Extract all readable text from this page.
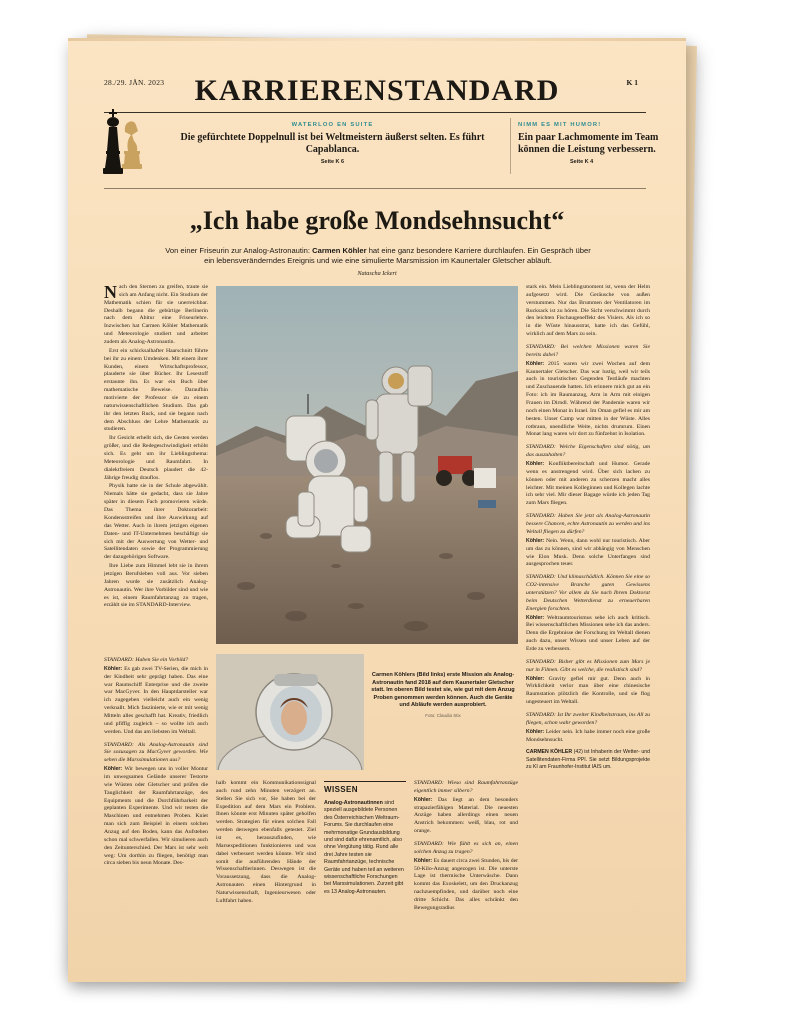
28./29. JÄN. 2023	KARRIERENSTANDARD	K 1
WATERLOO EN SUITE
Die gefürchtete Doppelnull ist bei Weltmeistern äußerst selten. Es führt Capablanca.
Seite K 6
NIMM ES MIT HUMOR!
Ein paar Lachmomente im Team können die Leistung verbessern.
Seite K 4
„Ich habe große Mondsehnsucht“
Von einer Friseurin zur Analog-Astronautin: Carmen Köhler hat eine ganz besondere Karriere durchlaufen. Ein Gespräch über ein lebensveränderndes Ereignis und wie eine simulierte Marsmission im Kaunertaler Gletscher abläuft.
Natascha Ickert

Nach den Sternen zu greifen, traute sie sich am Anfang nicht. Ein Studium der Mathematik schien für sie unerreichbar. Deshalb begann die gebürtige Berlinerin nach dem Abitur eine Friseurlehre. Inzwischen hat Carmen Köhler Mathematik und Meteorologie studiert und arbeitet zudem als Analog-Astronautin.

Erst ein schicksalhafter Haarschnitt führte bei ihr zu einem Umdenken. Mit einem ihrer Kunden, einem Wirtschaftsprofessor, plauderte sie über Bücher. Ihr Lesestoff erstaunte ihn. Es war ein Buch über mathematische Beweise. Daraufhin motivierte der Professor sie zu einem naturwissenschaftlichen Studium. Das gab ihr den letzten Ruck, und sie begann nach dem Abschluss der Lehre Mathematik zu studieren.

Ihr Gesicht erhellt sich, die Gesten werden größer, und die Redegeschwindigkeit erhöht sich. Es geht um ihr Lieblingsthema: Meteorologie und Raumfahrt. In dialektfreiem Deutsch plaudert die 42-Jährige freudig drauflos.

Physik hatte sie in der Schule abgewählt. Niemals hätte sie gedacht, dass sie Jahre später in diesem Fach promovieren würde. Das Thema ihrer Doktorarbeit: Kondensstreifen und ihre Auswirkung auf das Wetter. Auch in ihrem jetzigen eigenen Daten- und IT-Unternehmen beschäftigt sie sich mit der Auswertung von Wetter- und Satellitendaten sowie der Programmierung der dazugehörigen Software.

Ihre Liebe zum Himmel lebt sie in ihrem jetzigen Berufsleben voll aus. Vor sieben Jahren wurde sie zusätzlich Analog-Astronautin. Wer ihre Vorbilder sind und wie es ist, einem Raumfahrtanzug zu tragen, erzählt sie im STANDARD-Interview.

STANDARD: Haben Sie ein Vorbild?

Köhler: Es gab zwei TV-Serien, die mich in der Kindheit sehr geprägt haben. Das eine war Raumschiff Enterprise und die zweite war MacGyver. In den Hauptdarsteller war ich zugegeben vielleicht auch ein wenig verknallt. Mich faszinierte, wie er mit wenig Mitteln alles geschafft hat. Kreativ, friedlich und pfiffig zugleich – so wollte ich auch werden. Und das am liebsten im Weltall.

STANDARD: Als Analog-Astronautin sind Sie sozusagen zu MacGyver geworden. Wie sehen die Marssimulationen aus?

Köhler: Wir bewegen uns in voller Montur im unwegsamen Gelände unserer Testorte wie Wüsten oder Gletscher und prüfen die Tauglichkeit der Raumfahrtanzüge, des Equipments und die Durchführbarkeit der geplanten Experimente. Und wir testen die Maschinen und entnehmen Proben. Kniet man sich zum Beispiel in einem solchen Anzug auf den Boden, kann das Aufstehen schon mal schwerfallen. Wir simulieren auch den Zeitunterschied. Der Mars ist sehr weit weg: Um dorthin zu fliegen, benötigt man circa sieben bis neun Monate. Des-

Carmen Köhlers (Bild links) erste Mission als Analog-Astronautin fand 2018 auf dem Kaunertaler Gletscher statt. Im oberen Bild testet sie, wie gut mit dem Anzug Proben genommen werden können. Auch die Geräte und Abläufe werden ausprobiert.
Foto: Claudia Stix

halb kommt ein Kommunikationssignal auch rund zehn Minuten verzögert an. Stellen Sie sich vor, Sie haben bei der Expedition auf dem Mars ein Problem. Ihnen könnte erst Minuten später geholfen werden. Strategien für einen solchen Fall werden deswegen ebenfalls getestet. Ziel ist es, herauszufinden, wie Marsexpeditionen funktionieren und was dabei verbessert werden könnte. Wir sind somit die ausführenden Hände der Wissenschaftlerinnen. Deswegen ist die Voraussetzung, dass die Analog-Astronauten einen Hintergrund in Naturwissenschaft, Ingenieurwesen oder Luftfahrt haben.

WISSEN
Analog-Astronautinnen sind speziell ausgebildete Personen des Österreichischen Weltraum-Forums. Sie durchlaufen eine mehrmonatige Grundausbildung und sind dafür ehrenamtlich, also ohne Vergütung tätig. Rund alle drei Jahre testen sie Raumfahrtanzüge, technische Geräte und haben teil an weiteren wissenschaftliche Forschungen bei Marssimulationen. Zurzeit gibt es 13 Analog-Astronauten.

STANDARD: Wieso sind Raumfahrtanzüge eigentlich immer silbern?

Köhler: Das liegt an dem besonders strapazierfähigen Material. Die neuesten Anzüge haben allerdings einen neuen Anstrich bekommen: weiß, blau, rot und orange.

STANDARD: Wie fühlt es sich an, einen solchen Anzug zu tragen?

Köhler: Es dauert circa zwei Stunden, bis der 50-Kilo-Anzug angezogen ist. Die unterste Lage ist thermische Unterwäsche. Dann kommt das Exoskelett, um den Druckanzug nachzuempfinden, und darüber noch eine dritte Schicht. Das alles schränkt den Bewegungsradius

stark ein. Mein Lieblingsmoment ist, wenn der Helm aufgesetzt wird. Die Geräusche von außen verstummen. Nur das Brummen der Ventilatoren im Rucksack ist zu hören. Die Sicht verschwimmt durch den leichten Fischaugeneffekt des Visiers. Als ich so in die Wüste hinausstrat, hatte ich das Gefühl, wirklich auf dem Mars zu sein.

STANDARD: Bei welchen Missionen waren Sie bereits dabei?

Köhler: 2015 waren wir zwei Wochen auf dem Kaunertaler Gletscher. Das war lustig, weil wir teils auch in touristischen Gegenden Testläufe machten und Zuschauende hatten. Ich erinnere mich gut an ein Foto: ich im Raumanzug, Arm in Arm mit einigen Frauen im Dirndl. Während der Pandemie waren wir noch einen Monat in Israel. Im Oman gefiel es mir am besten. Unser Camp war mitten in der Wüste. Alles rotbraun, unendliche Weite, nichts drumrum. Einen Monat lang waren wir dort zu fünfzehnt in Isolation.

STANDARD: Welche Eigenschaften sind nötig, um das auszuhalten?

Köhler: Konfliktbereitschaft und Humor. Gerade wenn es anstrengend wird. Über sich lachen zu können oder mit anderen zu scherzen macht alles leichter. Mit meinen Kolleginnen und Kollegen lachte ich sehr viel. Mir dieser Bagage würde ich jeden Tag zum Mars fliegen.

STANDARD: Haben Sie jetzt als Analog-Astronautin bessere Chancen, echte Astronautin zu werden und ins Weltall fliegen zu dürfen?

Köhler: Nein. Wenn, dann wohl nur touristisch. Aber um das zu können, sind wir abhängig von Menschen wie Elon Musk. Denn solche Unterfangen sind ausgesprochen teuer.

STANDARD: Und klimaschädlich. Können Sie eine so CO2-intensive Branche guten Gewissens unterstützen? Vor allem da Sie nach Ihrem Doktorat beim Deutschen Wetterdienst zu erneuerbaren Energien forschten.

Köhler: Weltraumtourismus sehe ich auch kritisch. Bei wissenschaftlichen Missionen sehe ich das anders. Denn die Ergebnisse der Forschung im Weltall dienen auch dazu, unser Wissen und unser Leben auf der Erde zu verbessern.

STANDARD: Bisher gibt es Missionen zum Mars je nur in Filmen. Gibt es welche, die realistisch sind?

Köhler: Gravity gefiel mir gut. Denn auch in Wirklichkeit verlor man über eine chinesische Raumstation plötzlich die Kontrolle, und sie flog ungesteuert im Weltall.

STANDARD: Ist Ihr zweiter Kindheitstraum, ins All zu fliegen, schon wahr geworden?

Köhler: Leider nein. Ich habe immer noch eine große Mondsehnsucht.

CARMEN KÖHLER (42) ist Inhaberin der Wetter- und Satellitendaten-Firma PPI. Sie setzt Bildungsprojekte zu KI am Fraunhofer-Institut IAIS um.
